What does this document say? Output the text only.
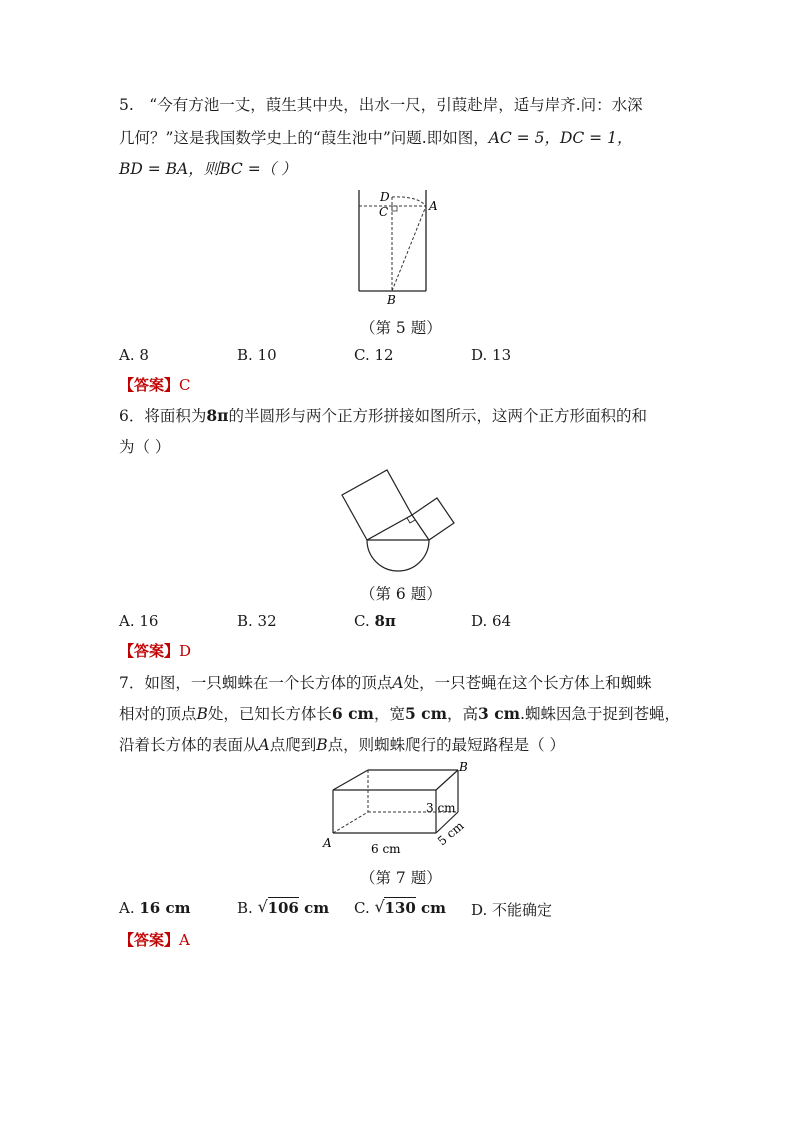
5.　“今有方池一丈，葭生其中央，出水一尺，引葭赴岸，适与岸齐.问：水深
几何？”这是我国数学史上的“葭生池中”问题.即如图，AC = 5，DC = 1，
BD = BA，则BC =（ ）
D
C	A
B
（第 5 题）
A. 8	B. 10	C. 12	D. 13
【答案】C
6．将面积为8π的半圆形与两个正方形拼接如图所示，这两个正方形面积的和
为（ ）
（第 6 题）
A. 16	B. 32	C. 8π	D. 64
【答案】D
7．如图，一只蜘蛛在一个长方体的顶点A处，一只苍蝇在这个长方体上和蜘蛛
相对的顶点B处，已知长方体长6 cm，宽5 cm，高3 cm.蜘蛛因急于捉到苍蝇，
沿着长方体的表面从A点爬到B点，则蜘蛛爬行的最短路程是（ ）
B
A
3 cm
5 cm
6 cm
（第 7 题）
A. 16 cm	B. √ 106 cm C. √ 130 cm D. 不能确定
【答案】A
